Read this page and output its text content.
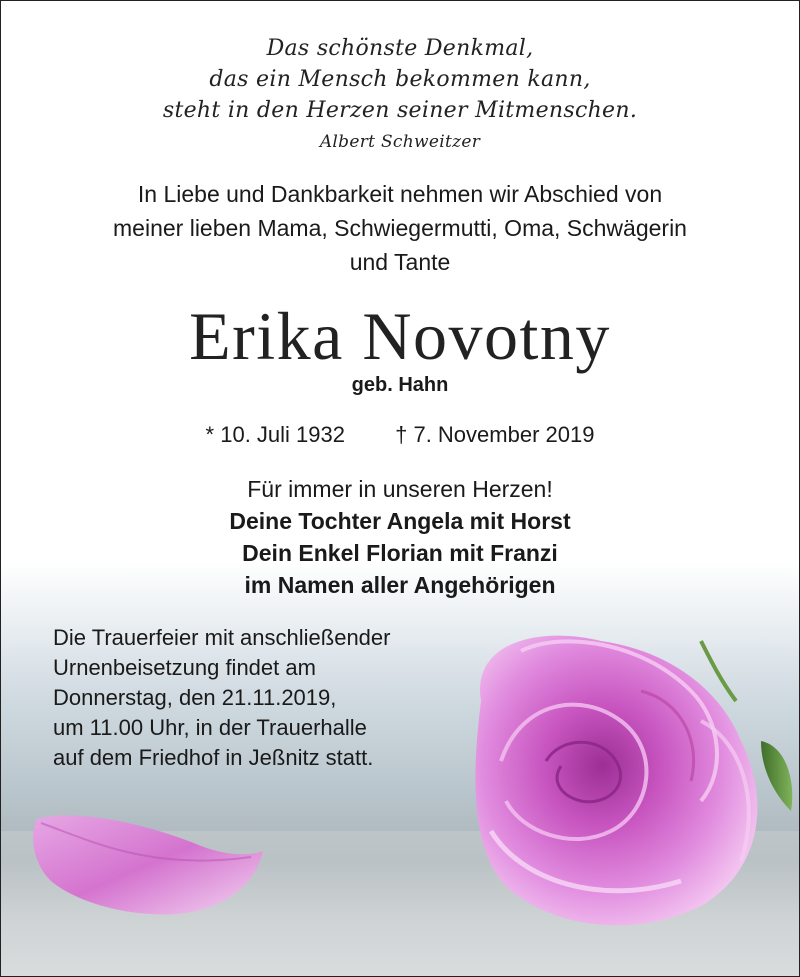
Das schönste Denkmal,
das ein Mensch bekommen kann,
steht in den Herzen seiner Mitmenschen.
Albert Schweitzer
In Liebe und Dankbarkeit nehmen wir Abschied von
meiner lieben Mama, Schwiegermutti, Oma, Schwägerin
und Tante
Erika Novotny
geb. Hahn
* 10. Juli 1932 † 7. November 2019
Für immer in unseren Herzen!
Deine Tochter Angela mit Horst
Dein Enkel Florian mit Franzi
im Namen aller Angehörigen
Die Trauerfeier mit anschließender
Urnenbeisetzung findet am
Donnerstag, den 21.11.2019,
um 11.00 Uhr, in der Trauerhalle
auf dem Friedhof in Jeßnitz statt.
